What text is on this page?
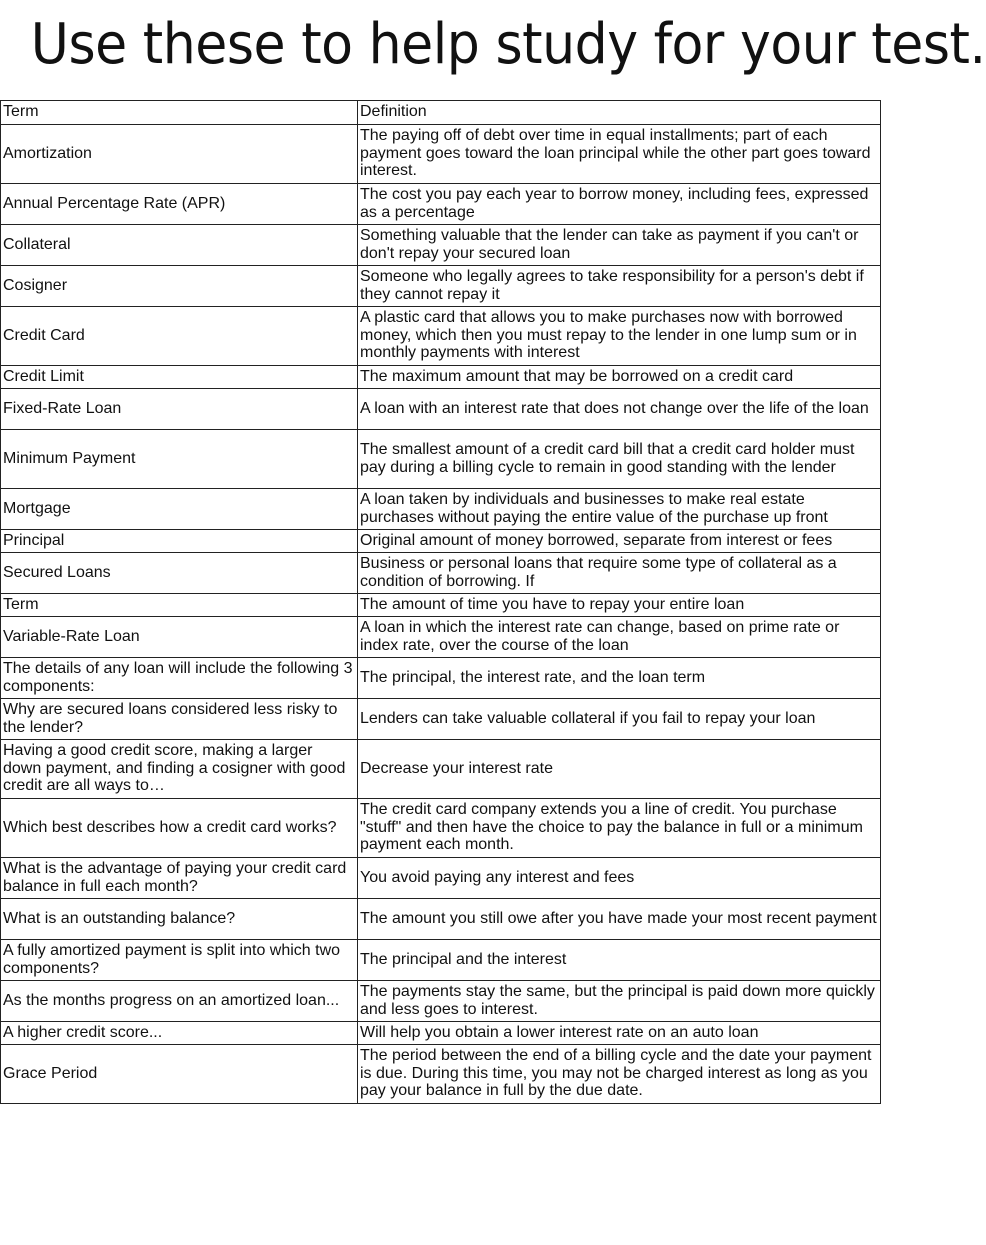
Use these to help study for your test.
Term	Definition
Amortization	The paying off of debt over time in equal installments; part of each payment goes toward the loan principal while the other part goes toward interest.
Annual Percentage Rate (APR)	The cost you pay each year to borrow money, including fees, expressed as a percentage
Collateral	Something valuable that the lender can take as payment if you can't or don't repay your secured loan
Cosigner	Someone who legally agrees to take responsibility for a person's debt if they cannot repay it
Credit Card	A plastic card that allows you to make purchases now with borrowed money, which then you must repay to the lender in one lump sum or in monthly payments with interest
Credit Limit	The maximum amount that may be borrowed on a credit card
Fixed-Rate Loan	A loan with an interest rate that does not change over the life of the loan
Minimum Payment	The smallest amount of a credit card bill that a credit card holder must pay during a billing cycle to remain in good standing with the lender
Mortgage	A loan taken by individuals and businesses to make real estate purchases without paying the entire value of the purchase up front
Principal	Original amount of money borrowed, separate from interest or fees
Secured Loans	Business or personal loans that require some type of collateral as a condition of borrowing. If
Term	The amount of time you have to repay your entire loan
Variable-Rate Loan	A loan in which the interest rate can change, based on prime rate or index rate, over the course of the loan
The details of any loan will include the following 3 components:	The principal, the interest rate, and the loan term
Why are secured loans considered less risky to the lender?	Lenders can take valuable collateral if you fail to repay your loan
Having a good credit score, making a larger down payment, and finding a cosigner with good credit are all ways to…	Decrease your interest rate
Which best describes how a credit card works?	The credit card company extends you a line of credit. You purchase "stuff" and then have the choice to pay the balance in full or a minimum payment each month.
What is the advantage of paying your credit card balance in full each month?	You avoid paying any interest and fees
What is an outstanding balance?	The amount you still owe after you have made your most recent payment
A fully amortized payment is split into which two components?	The principal and the interest
As the months progress on an amortized loan...	The payments stay the same, but the principal is paid down more quickly and less goes to interest.
A higher credit score...	Will help you obtain a lower interest rate on an auto loan
Grace Period	The period between the end of a billing cycle and the date your payment is due. During this time, you may not be charged interest as long as you pay your balance in full by the due date.
